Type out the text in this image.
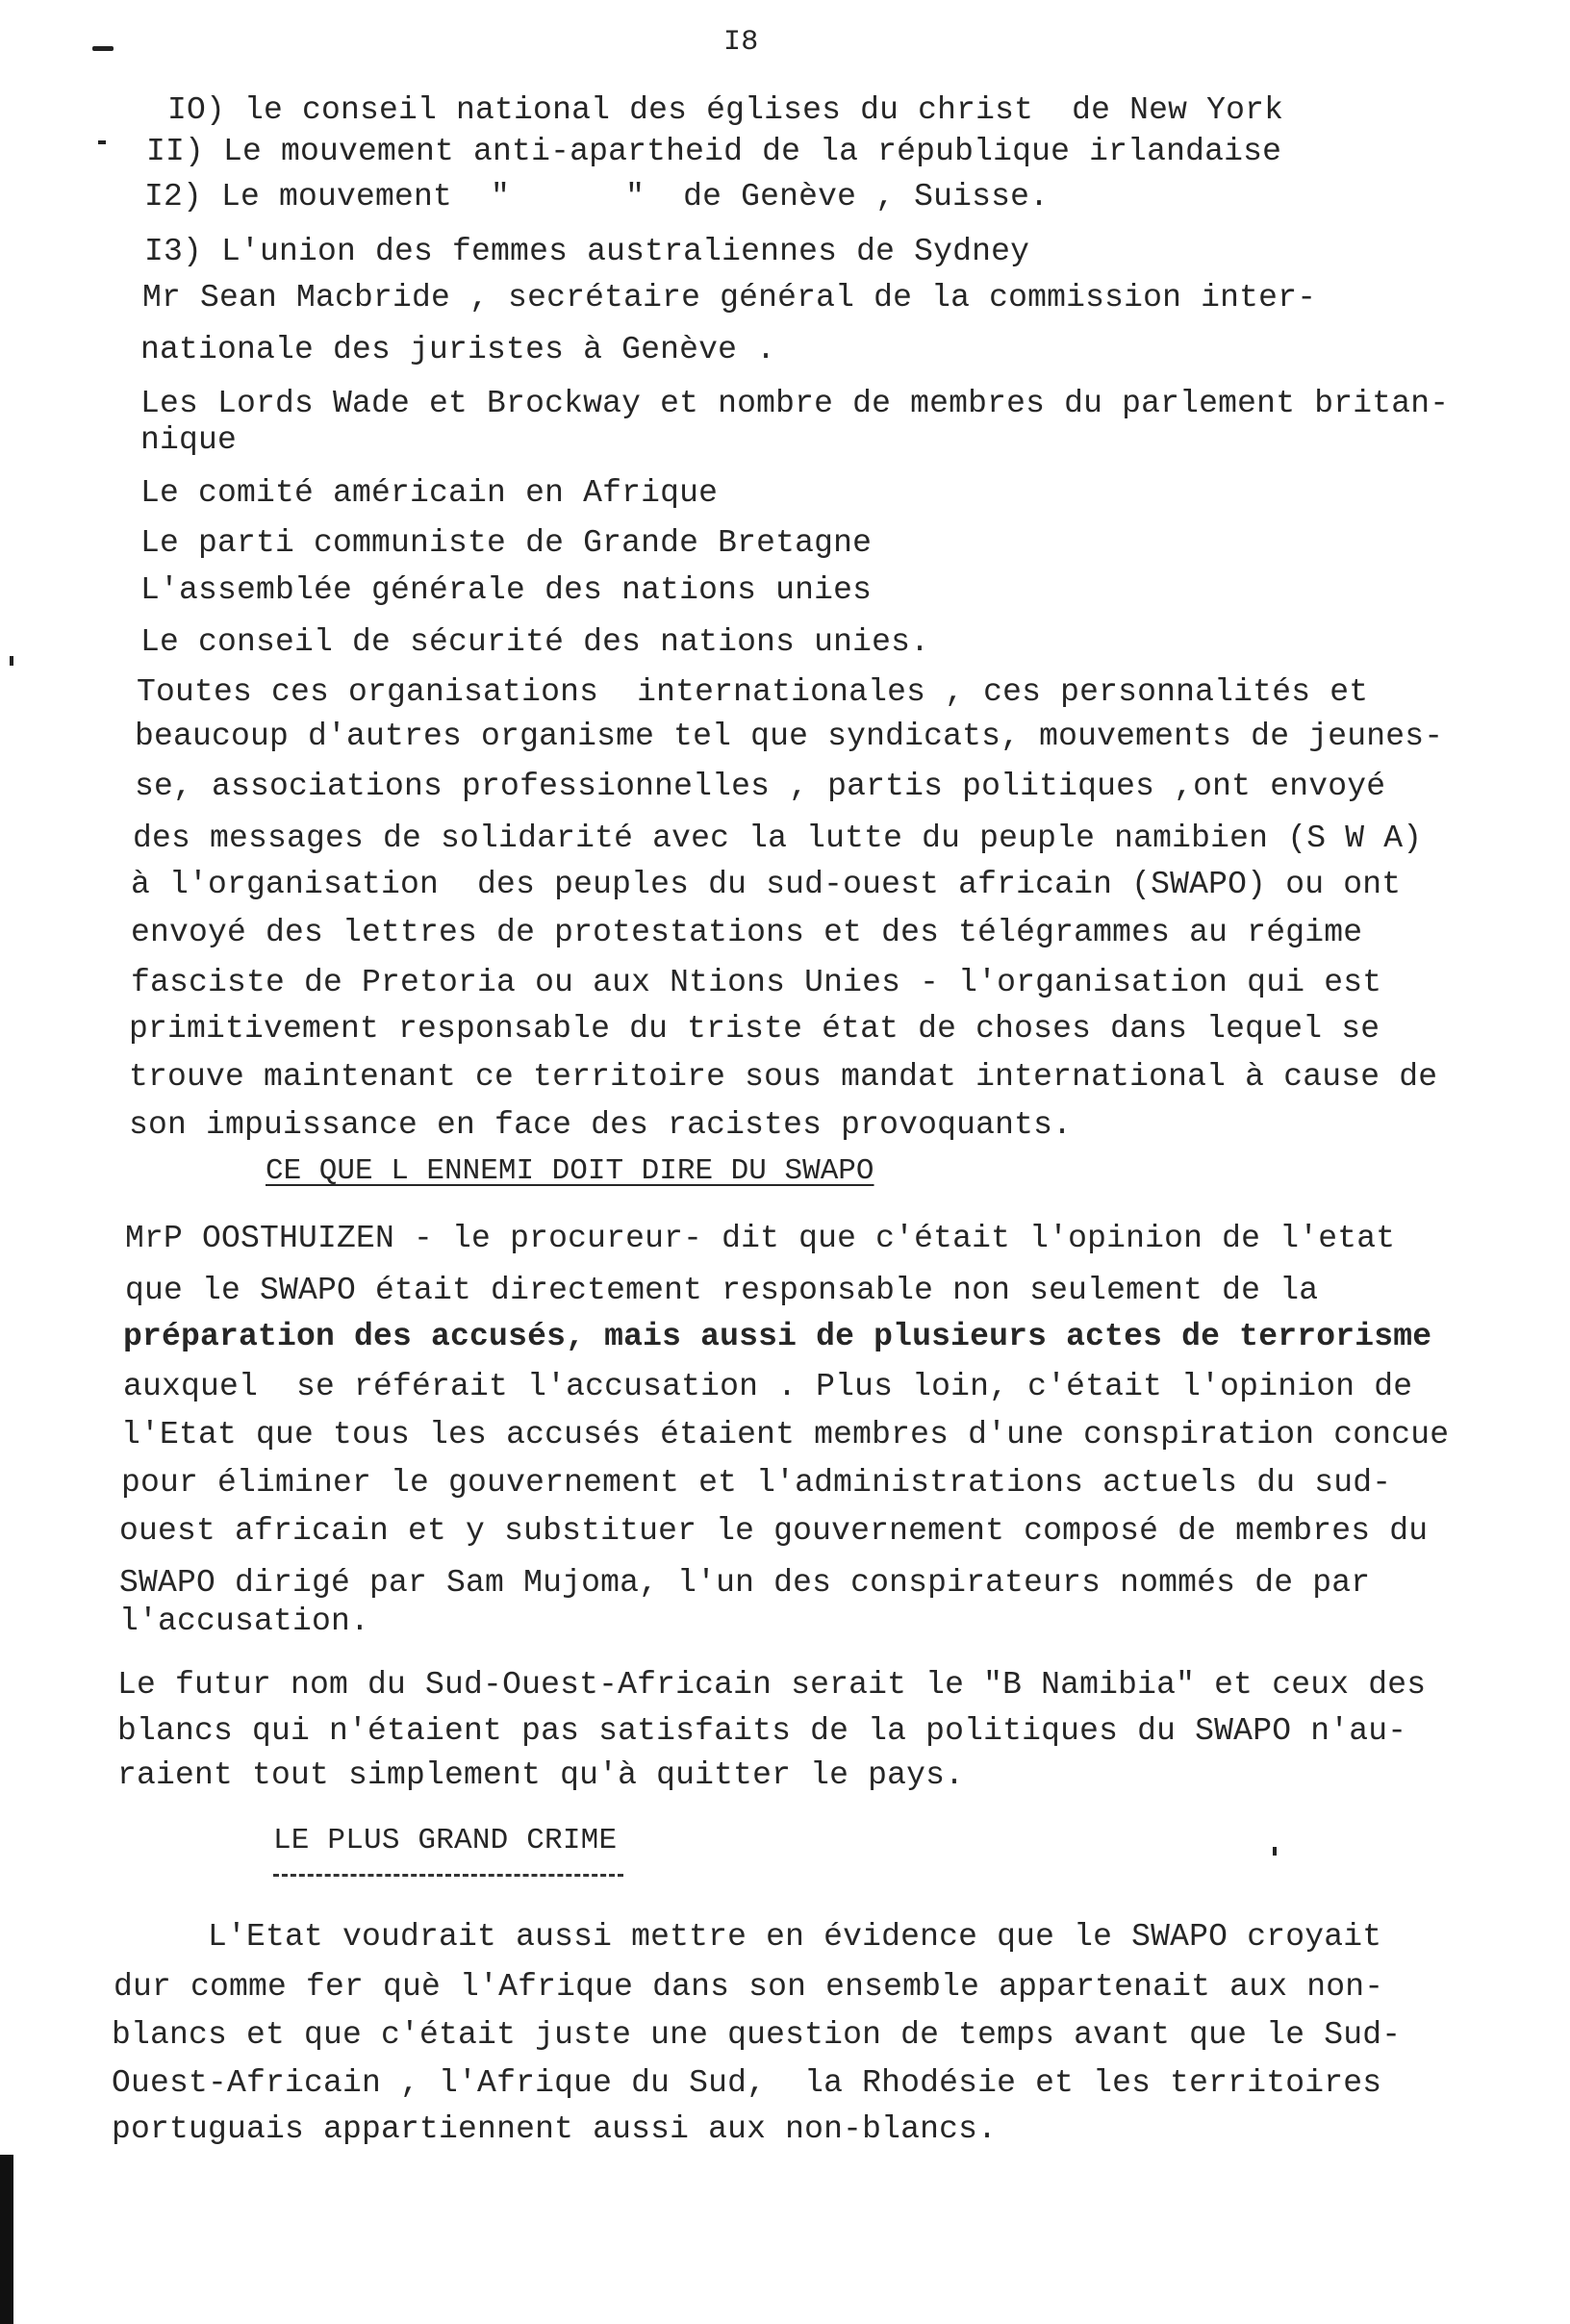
I8
IO) le conseil national des églises du christ  de New York
II) Le mouvement anti-apartheid de la république irlandaise
I2) Le mouvement  "      "  de Genève , Suisse.
I3) L'union des femmes australiennes de Sydney
Mr Sean Macbride , secrétaire général de la commission inter-
nationale des juristes à Genève .
Les Lords Wade et Brockway et nombre de membres du parlement britan-
nique
Le comité américain en Afrique
Le parti communiste de Grande Bretagne
L'assemblée générale des nations unies
Le conseil de sécurité des nations unies.
Toutes ces organisations  internationales , ces personnalités et
beaucoup d'autres organisme tel que syndicats, mouvements de jeunes-
se, associations professionnelles , partis politiques ,ont envoyé
des messages de solidarité avec la lutte du peuple namibien (S W A)
à l'organisation  des peuples du sud-ouest africain (SWAPO) ou ont
envoyé des lettres de protestations et des télégrammes au régime
fasciste de Pretoria ou aux Ntions Unies - l'organisation qui est
primitivement responsable du triste état de choses dans lequel se
trouve maintenant ce territoire sous mandat international à cause de
son impuissance en face des racistes provoquants.
CE QUE L ENNEMI DOIT DIRE DU SWAPO
MrP OOSTHUIZEN - le procureur- dit que c'était l'opinion de l'etat
que le SWAPO était directement responsable non seulement de la
préparation des accusés, mais aussi de plusieurs actes de terrorisme
auxquel  se référait l'accusation . Plus loin, c'était l'opinion de
l'Etat que tous les accusés étaient membres d'une conspiration concue
pour éliminer le gouvernement et l'administrations actuels du sud-
ouest africain et y substituer le gouvernement composé de membres du
SWAPO dirigé par Sam Mujoma, l'un des conspirateurs nommés de par
l'accusation.
Le futur nom du Sud-Ouest-Africain serait le "B Namibia" et ceux des
blancs qui n'étaient pas satisfaits de la politiques du SWAPO n'au-
raient tout simplement qu'à quitter le pays.
LE PLUS GRAND CRIME
L'Etat voudrait aussi mettre en évidence que le SWAPO croyait
dur comme fer què l'Afrique dans son ensemble appartenait aux non-
blancs et que c'était juste une question de temps avant que le Sud-
Ouest-Africain , l'Afrique du Sud,  la Rhodésie et les territoires
portuguais appartiennent aussi aux non-blancs.
